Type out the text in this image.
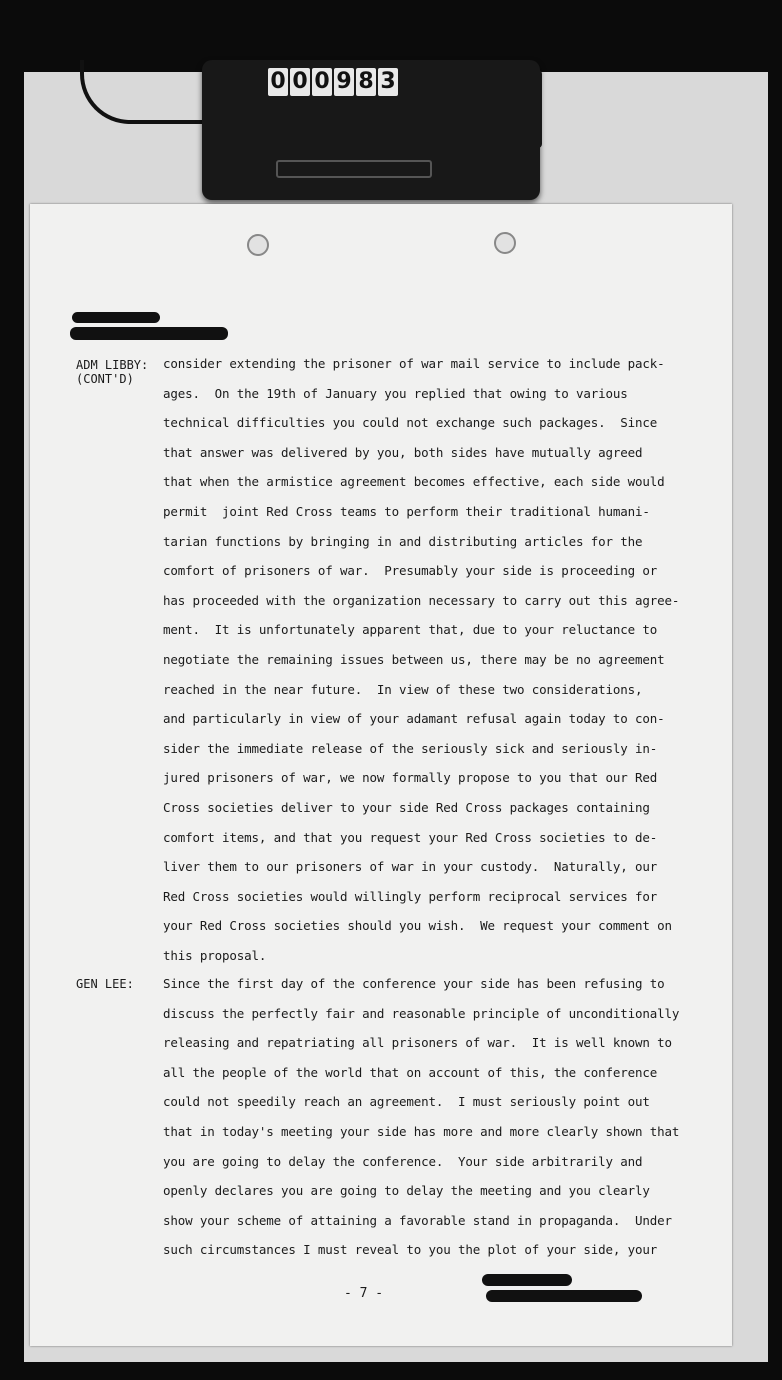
0 0 0 9 8 3
ADM LIBBY:
(CONT'D)
GEN LEE:
consider extending the prisoner of war mail service to include pack-
ages.  On the 19th of January you replied that owing to various
technical difficulties you could not exchange such packages.  Since
that answer was delivered by you, both sides have mutually agreed
that when the armistice agreement becomes effective, each side would
permit  joint Red Cross teams to perform their traditional humani-
tarian functions by bringing in and distributing articles for the
comfort of prisoners of war.  Presumably your side is proceeding or
has proceeded with the organization necessary to carry out this agree-
ment.  It is unfortunately apparent that, due to your reluctance to
negotiate the remaining issues between us, there may be no agreement
reached in the near future.  In view of these two considerations,
and particularly in view of your adamant refusal again today to con-
sider the immediate release of the seriously sick and seriously in-
jured prisoners of war, we now formally propose to you that our Red
Cross societies deliver to your side Red Cross packages containing
comfort items, and that you request your Red Cross societies to de-
liver them to our prisoners of war in your custody.  Naturally, our
Red Cross societies would willingly perform reciprocal services for
your Red Cross societies should you wish.  We request your comment on
this proposal.
Since the first day of the conference your side has been refusing to
discuss the perfectly fair and reasonable principle of unconditionally
releasing and repatriating all prisoners of war.  It is well known to
all the people of the world that on account of this, the conference
could not speedily reach an agreement.  I must seriously point out
that in today's meeting your side has more and more clearly shown that
you are going to delay the conference.  Your side arbitrarily and
openly declares you are going to delay the meeting and you clearly
show your scheme of attaining a favorable stand in propaganda.  Under
such circumstances I must reveal to you the plot of your side, your
- 7 -
